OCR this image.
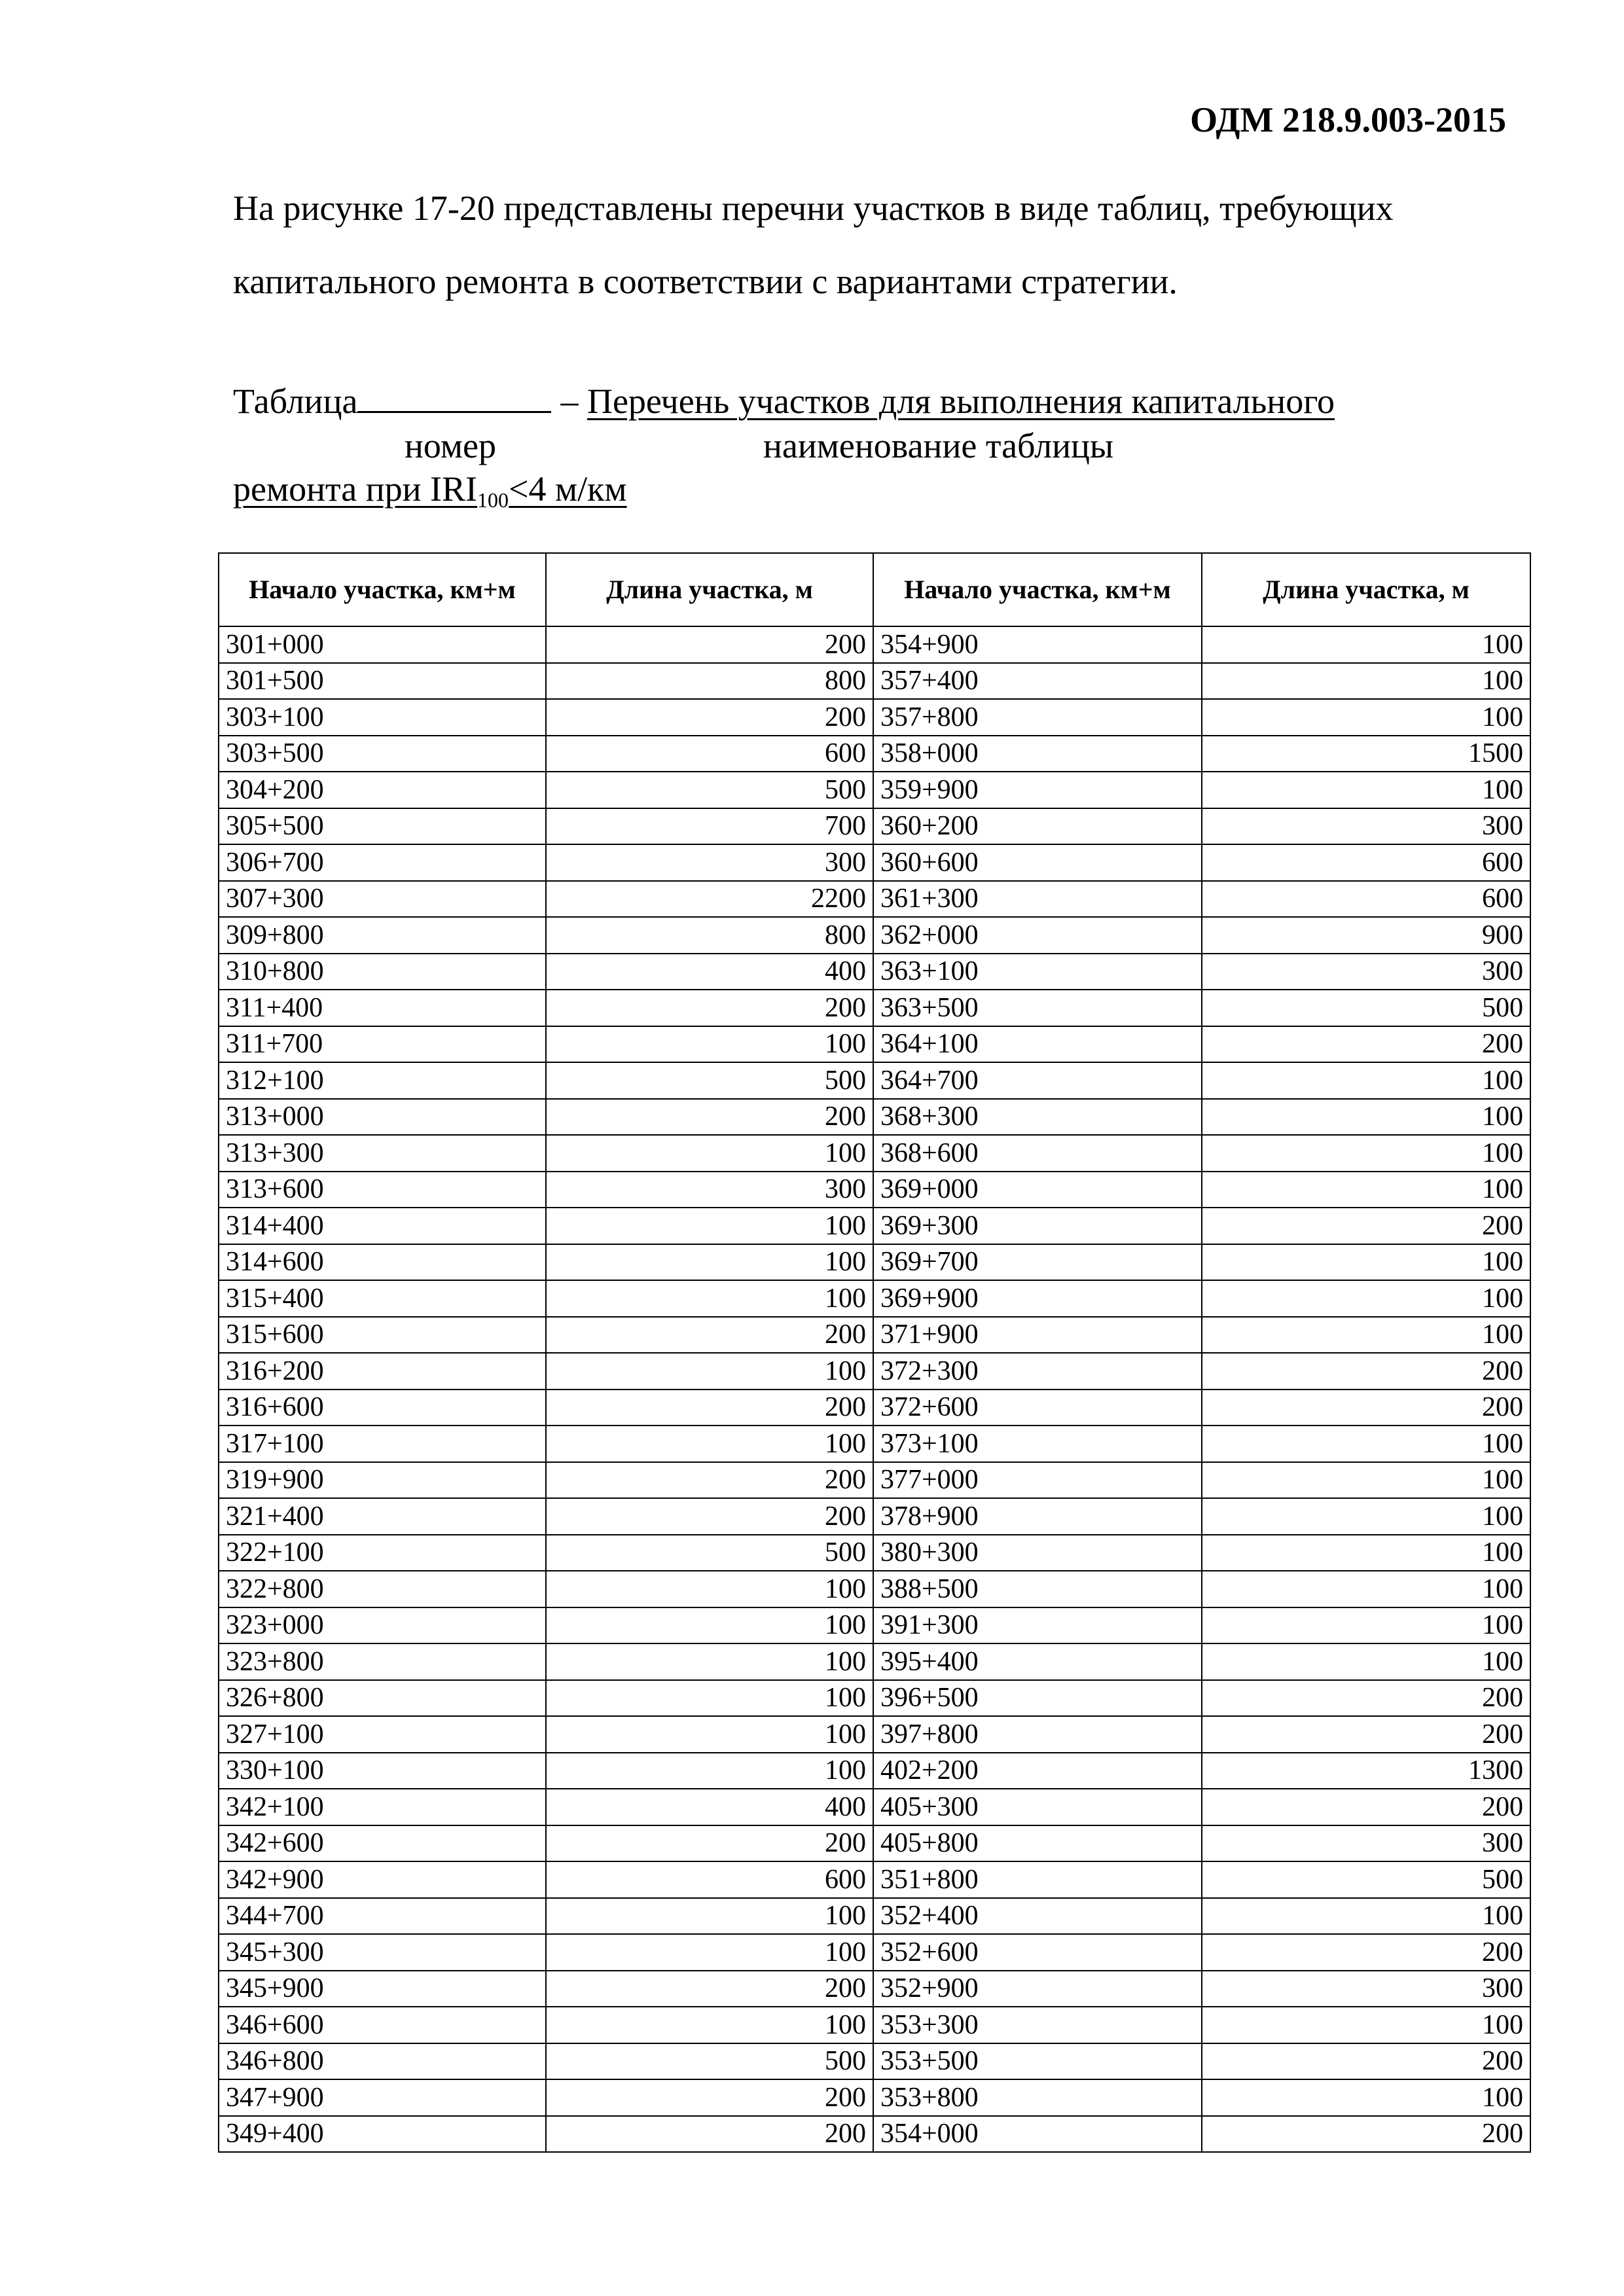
ОДМ 218.9.003-2015

На рисунке 17-20 представлены перечни участков в виде таблиц, требующих капитального ремонта в соответствии с вариантами стратегии.

Таблица	– Перечень участков для выполнения капитального
номер	наименование таблицы
ремонта при $IRI_{100}<4$ м/км
Начало участка, км+м	Длина участка, м	Начало участка, км+м	Длина участка, м
301+000	200	354+900	100
301+500	800	357+400	100
303+100	200	357+800	100
303+500	600	358+000	1500
304+200	500	359+900	100
305+500	700	360+200	300
306+700	300	360+600	600
307+300	2200	361+300	600
309+800	800	362+000	900
310+800	400	363+100	300
311+400	200	363+500	500
311+700	100	364+100	200
312+100	500	364+700	100
313+000	200	368+300	100
313+300	100	368+600	100
313+600	300	369+000	100
314+400	100	369+300	200
314+600	100	369+700	100
315+400	100	369+900	100
315+600	200	371+900	100
316+200	100	372+300	200
316+600	200	372+600	200
317+100	100	373+100	100
319+900	200	377+000	100
321+400	200	378+900	100
322+100	500	380+300	100
322+800	100	388+500	100
323+000	100	391+300	100
323+800	100	395+400	100
326+800	100	396+500	200
327+100	100	397+800	200
330+100	100	402+200	1300
342+100	400	405+300	200
342+600	200	405+800	300
342+900	600	351+800	500
344+700	100	352+400	100
345+300	100	352+600	200
345+900	200	352+900	300
346+600	100	353+300	100
346+800	500	353+500	200
347+900	200	353+800	100
349+400	200	354+000	200
